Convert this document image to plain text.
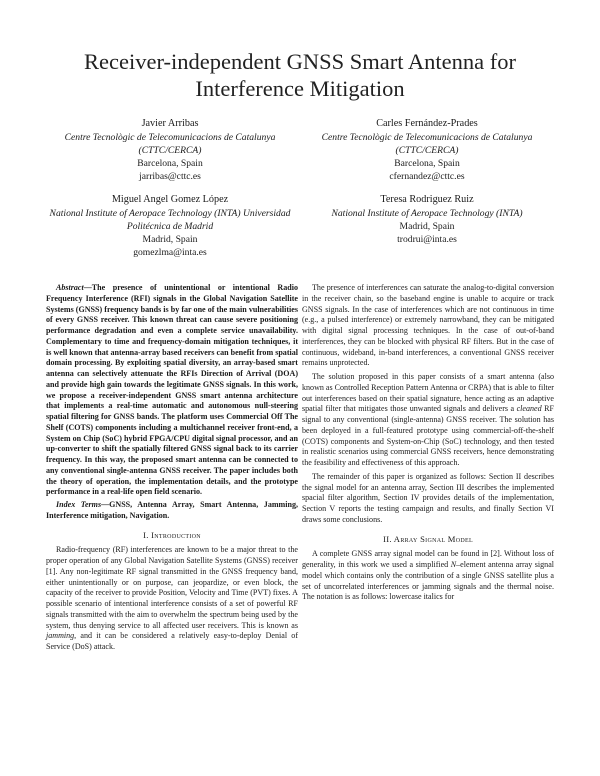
Receiver-independent GNSS Smart Antenna for Interference Mitigation
Javier Arribas
Centre Tecnològic de Telecomunicacions de Catalunya (CTTC/CERCA)
Barcelona, Spain
jarribas@cttc.es
Carles Fernández-Prades
Centre Tecnològic de Telecomunicacions de Catalunya (CTTC/CERCA)
Barcelona, Spain
cfernandez@cttc.es
Miguel Angel Gomez López
National Institute of Aeropace Technology (INTA) Universidad Politécnica de Madrid
Madrid, Spain
gomezlma@inta.es
Teresa Rodriguez Ruiz
National Institute of Aeropace Technology (INTA)
Madrid, Spain
trodrui@inta.es

Abstract—The presence of unintentional or intentional Radio Frequency Interference (RFI) signals in the Global Navigation Satellite Systems (GNSS) frequency bands is by far one of the main vulnerabilities of every GNSS receiver. This known threat can cause severe positioning performance degradation and even a complete service unavailability. Complementary to time and frequency-domain mitigation techniques, it is well known that antenna-array based receivers can benefit from spatial domain processing. By exploiting spatial diversity, an array-based smart antenna can selectively attenuate the RFIs Direction of Arrival (DOA) and provide high gain towards the legitimate GNSS signals. In this work, we propose a receiver-independent GNSS smart antenna architecture that implements a real-time automatic and autonomous null-steering spatial filtering for GNSS bands. The platform uses Commercial Off The Shelf (COTS) components including a multichannel receiver front-end, a System on Chip (SoC) hybrid FPGA/CPU digital signal processor, and an up-converter to shift the spatially filtered GNSS signal back to its carrier frequency. In this way, the proposed smart antenna can be connected to any conventional single-antenna GNSS receiver. The paper includes both the theory of operation, the implementation details, and the prototype performance in a real-life open field scenario.

Index Terms—GNSS, Antenna Array, Smart Antenna, Jamming, Interference mitigation, Navigation.

I. Introduction

Radio-frequency (RF) interferences are known to be a major threat to the proper operation of any Global Navigation Satellite Systems (GNSS) receiver [1]. Any non-legitimate RF signal transmitted in the GNSS frequency band, either unintentionally or on purpose, can jeopardize, or even block, the capacity of the receiver to provide Position, Velocity and Time (PVT) fixes. A possible scenario of intentional interference consists of a set of powerful RF signals transmitted with the aim to overwhelm the spectrum being used by the system, thus denying service to all affected user receivers. This is known as jamming, and it can be considered a relatively easy-to-deploy Denial of Service (DoS) attack.

The presence of interferences can saturate the analog-to-digital conversion in the receiver chain, so the baseband engine is unable to acquire or track GNSS signals. In the case of interferences which are not continuous in time (e.g., a pulsed interference) or extremely narrowband, they can be mitigated with digital signal processing techniques. In the case of out-of-band interferences, they can be blocked with physical RF filters. But in the case of continuous, wideband, in-band interferences, a conventional GNSS receiver remains unprotected.

The solution proposed in this paper consists of a smart antenna (also known as Controlled Reception Pattern Antenna or CRPA) that is able to filter out interferences based on their spatial signature, hence acting as an adaptive spatial filter that mitigates those unwanted signals and delivers a cleaned RF signal to any conventional (single-antenna) GNSS receiver. The solution has been deployed in a full-featured prototype using commercial-off-the-shelf (COTS) components and System-on-Chip (SoC) technology, and then tested in realistic scenarios using commercial GNSS receivers, hence demonstrating the feasibility and effectiveness of this approach.

The remainder of this paper is organized as follows: Section II describes the signal model for an antenna array, Section III describes the implemented spacial filter algorithm, Section IV provides details of the implementation, Section V reports the testing campaign and results, and finally Section VI draws some conclusions.

II. Array Signal Model

A complete GNSS array signal model can be found in [2]. Without loss of generality, in this work we used a simplified N–element antenna array signal model which contains only the contribution of a single GNSS satellite plus a set of uncorrelated interferences or jamming signals and the thermal noise. The notation is as follows: lowercase italics for
